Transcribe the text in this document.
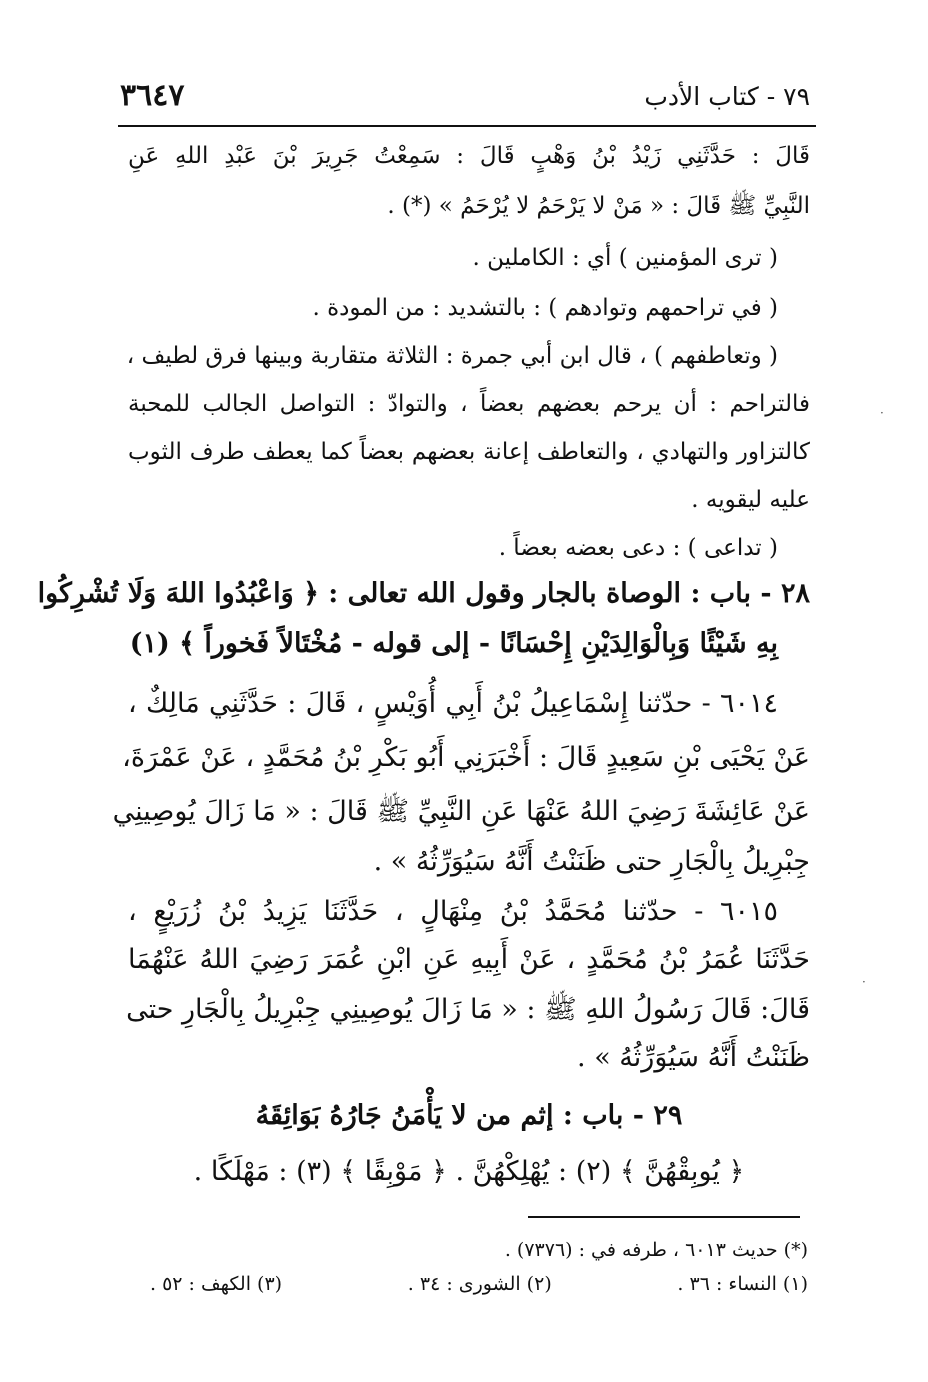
٧٩ - كتاب الأدب
٣٦٤٧
قَالَ : حَدَّثَنِي زَيْدُ بْنُ وَهْبٍ قَالَ : سَمِعْتُ جَرِيرَ بْنَ عَبْدِ اللهِ عَنِ
النَّبِيِّ ﷺ قَالَ : « مَنْ لا يَرْحَمُ لا يُرْحَمُ » (*) .
( ترى المؤمنين ) أي : الكاملين .
( في تراحمهم وتوادهم ) : بالتشديد : من المودة .
( وتعاطفهم ) ، قال ابن أبي جمرة : الثلاثة متقاربة وبينها فرق لطيف ،
فالتراحم : أن يرحم بعضهم بعضاً ، والتوادّ : التواصل الجالب للمحبة
كالتزاور والتهادي ، والتعاطف إعانة بعضهم بعضاً كما يعطف طرف الثوب
عليه ليقويه .
( تداعى ) : دعى بعضه بعضاً .
٢٨ - باب : الوصاة بالجار وقول الله تعالى : ﴿ وَاعْبُدُوا اللهَ وَلَا تُشْرِكُوا
بِهِ شَيْئًا وَبِالْوَالِدَيْنِ إِحْسَانًا - إلى قوله - مُخْتَالاً فَخوراً ﴾ (١)
٦٠١٤ - حدّثنا إِسْمَاعِيلُ بْنُ أَبِي أُوَيْسٍ ، قَالَ : حَدَّثَنِي مَالِكٌ ،
عَنْ يَحْيَى بْنِ سَعِيدٍ قَالَ : أَخْبَرَنِي أَبُو بَكْرِ بْنُ مُحَمَّدٍ ، عَنْ عَمْرَةَ،
عَنْ عَائِشَةَ رَضِيَ اللهُ عَنْهَا عَنِ النَّبِيِّ ﷺ قَالَ : « مَا زَالَ يُوصِينِي
جِبْرِيلُ بِالْجَارِ حتى ظَنَنْتُ أَنَّهُ سَيُوَرِّثُهُ » .
٦٠١٥ - حدّثنا مُحَمَّدُ بْنُ مِنْهَالٍ ، حَدَّثَنَا يَزِيدُ بْنُ زُرَيْعٍ ،
حَدَّثَنَا عُمَرُ بْنُ مُحَمَّدٍ ، عَنْ أَبِيهِ عَنِ ابْنِ عُمَرَ رَضِيَ اللهُ عَنْهُمَا
قَالَ: قَالَ رَسُولُ اللهِ ﷺ : « مَا زَالَ يُوصِينِي جِبْرِيلُ بِالْجَارِ حتى
ظَنَنْتُ أَنَّهُ سَيُوَرِّثُهُ » .
٢٩ - باب : إثم من لا يَأْمَنُ جَارُهُ بَوَائِقَهُ
﴿ يُوبِقْهُنَّ ﴾ (٢) : يُهْلِكْهُنَّ . ﴿ مَوْبِقًا ﴾ (٣) : مَهْلَكًا .
(*) حديث ٦٠١٣ ، طرفه في : (٧٣٧٦) .
(١) النساء : ٣٦ .
(٢) الشورى : ٣٤ .
(٣) الكهف : ٥٢ .
·
·
